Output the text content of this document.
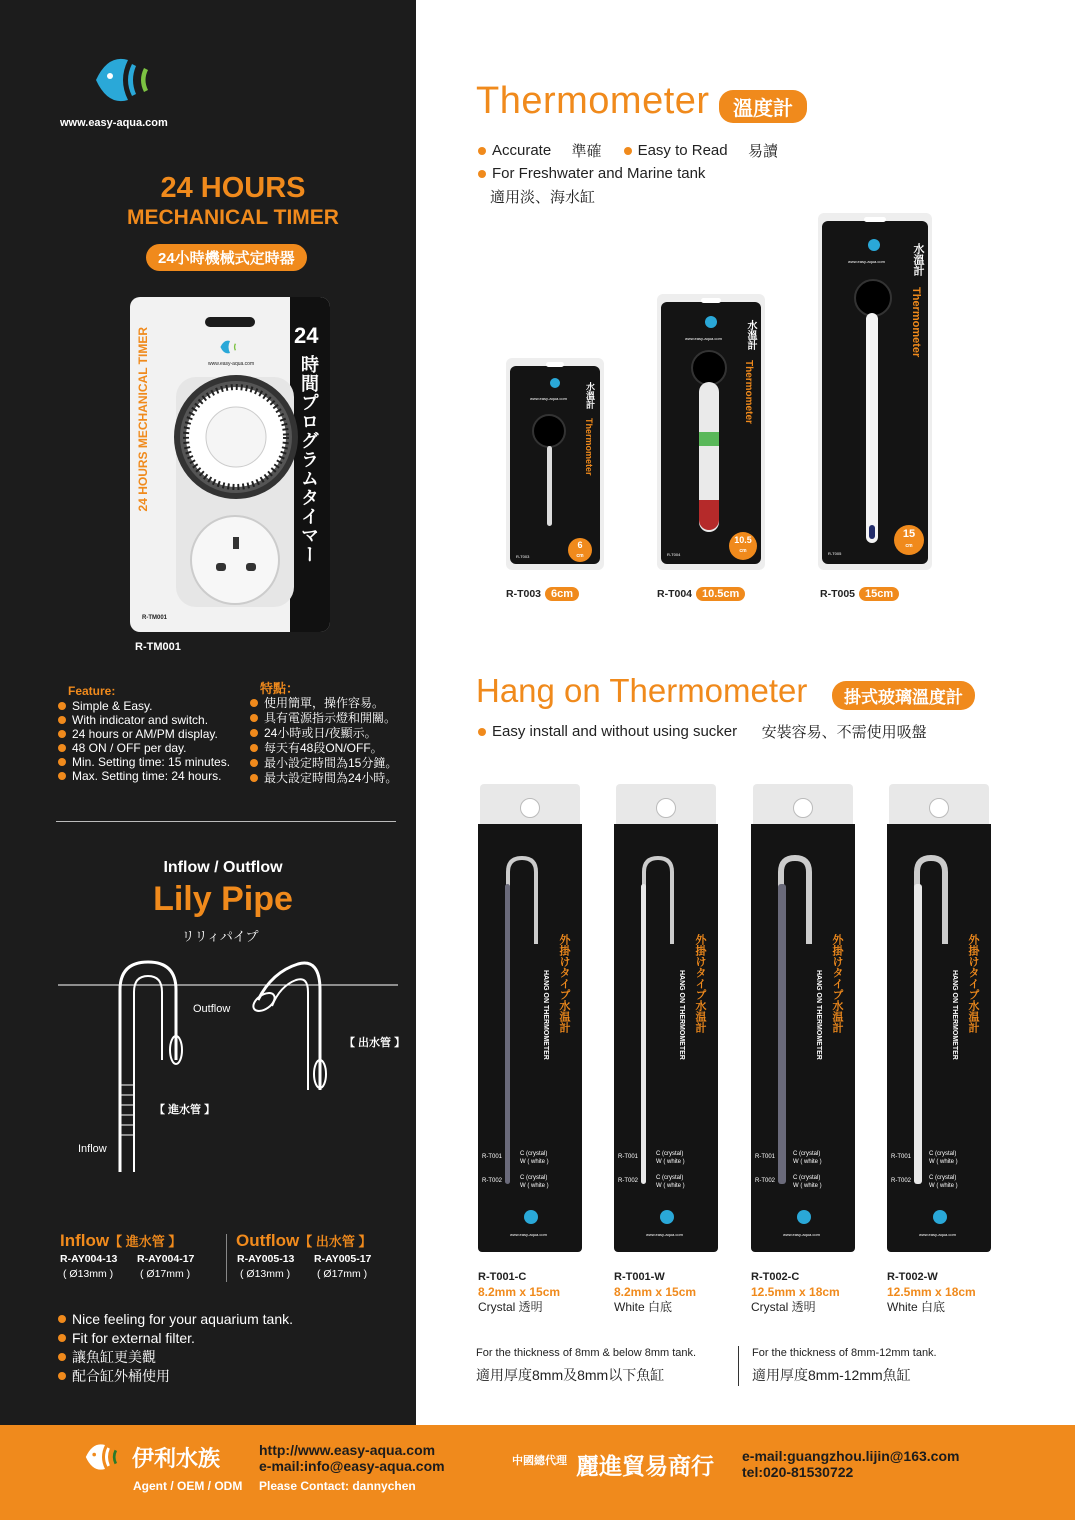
www.easy-aqua.com
24 HOURS
MECHANICAL TIMER
24小時機械式定時器
24
時間プログラムタイマー
24 HOURS MECHANICAL TIMER	www.easy-aqua.com
R-TM001
R-TM001
Feature:
Simple & Easy.
With indicator and switch.
24 hours or AM/PM display.
48 ON / OFF per day.
Min. Setting time: 15 minutes.
Max. Setting time: 24 hours.
特點：
使用簡單，操作容易。
具有電源指示燈和開關。
24小時或日/夜顯示。
每天有48段ON/OFF。
最小設定時間為15分鐘。
最大設定時間為24小時。
Inflow / Outflow
Lily Pipe
リリィパイプ
Outflow
【 出水管 】
【 進水管 】
Inflow
Inflow【 進水管 】	Outflow【 出水管 】
R-AY004-13 R-AY004-17	R-AY005-13 R-AY005-17
( Ø13mm )	( Ø17mm )	( Ø13mm )	( Ø17mm )
Nice feeling for your aquarium tank.
Fit for external filter.
讓魚缸更美觀
配合缸外桶使用
Thermometer	溫度計
Accurate
準確 Easy to Read
易讀
For Freshwater and Marine tank
適用淡、海水缸
www.easy-aqua.com 水溫計
Thermometer
6
cm
R-T003
www.easy-aqua.com 水溫計
Thermometer
10.5
cm
R-T004
www.easy-aqua.com 水溫計
Thermometer
15
cm
R-T005
R-T003 6cm	R-T004 10.5cm	R-T005 15cm
Hang on Thermometer	掛式玻璃溫度計
Easy install and without using sucker
安裝容易、不需使用吸盤
外掛けタイプ水温計
HANG ON THERMOMETER
R-T001
R-T002
C (crystal)
W ( white )
C (crystal)
W ( white )
www.easy-aqua.com
R-T001-C
8.2mm x 15cm
Crystal 透明
外掛けタイプ水温計
HANG ON THERMOMETER
R-T001
R-T002
C (crystal)
W ( white )
C (crystal)
W ( white )
www.easy-aqua.com
R-T001-W
8.2mm x 15cm
White 白底
外掛けタイプ水温計
HANG ON THERMOMETER
R-T001
R-T002
C (crystal)
W ( white )
C (crystal)
W ( white )
www.easy-aqua.com
R-T002-C
12.5mm x 18cm
Crystal 透明
外掛けタイプ水温計
HANG ON THERMOMETER
R-T001
R-T002
C (crystal)
W ( white )
C (crystal)
W ( white )
www.easy-aqua.com
R-T002-W
12.5mm x 18cm
White 白底
For the thickness of 8mm & below 8mm tank.
適用厚度8mm及8mm以下魚缸
For the thickness of 8mm-12mm tank.
適用厚度8mm-12mm魚缸
伊利水族
Agent / OEM / ODM
http://www.easy-aqua.com
e-mail:info@easy-aqua.com
Please Contact: dannychen
中國總代理 麗進貿易商行 e-mail:guangzhou.lijin@163.com
tel:020-81530722
